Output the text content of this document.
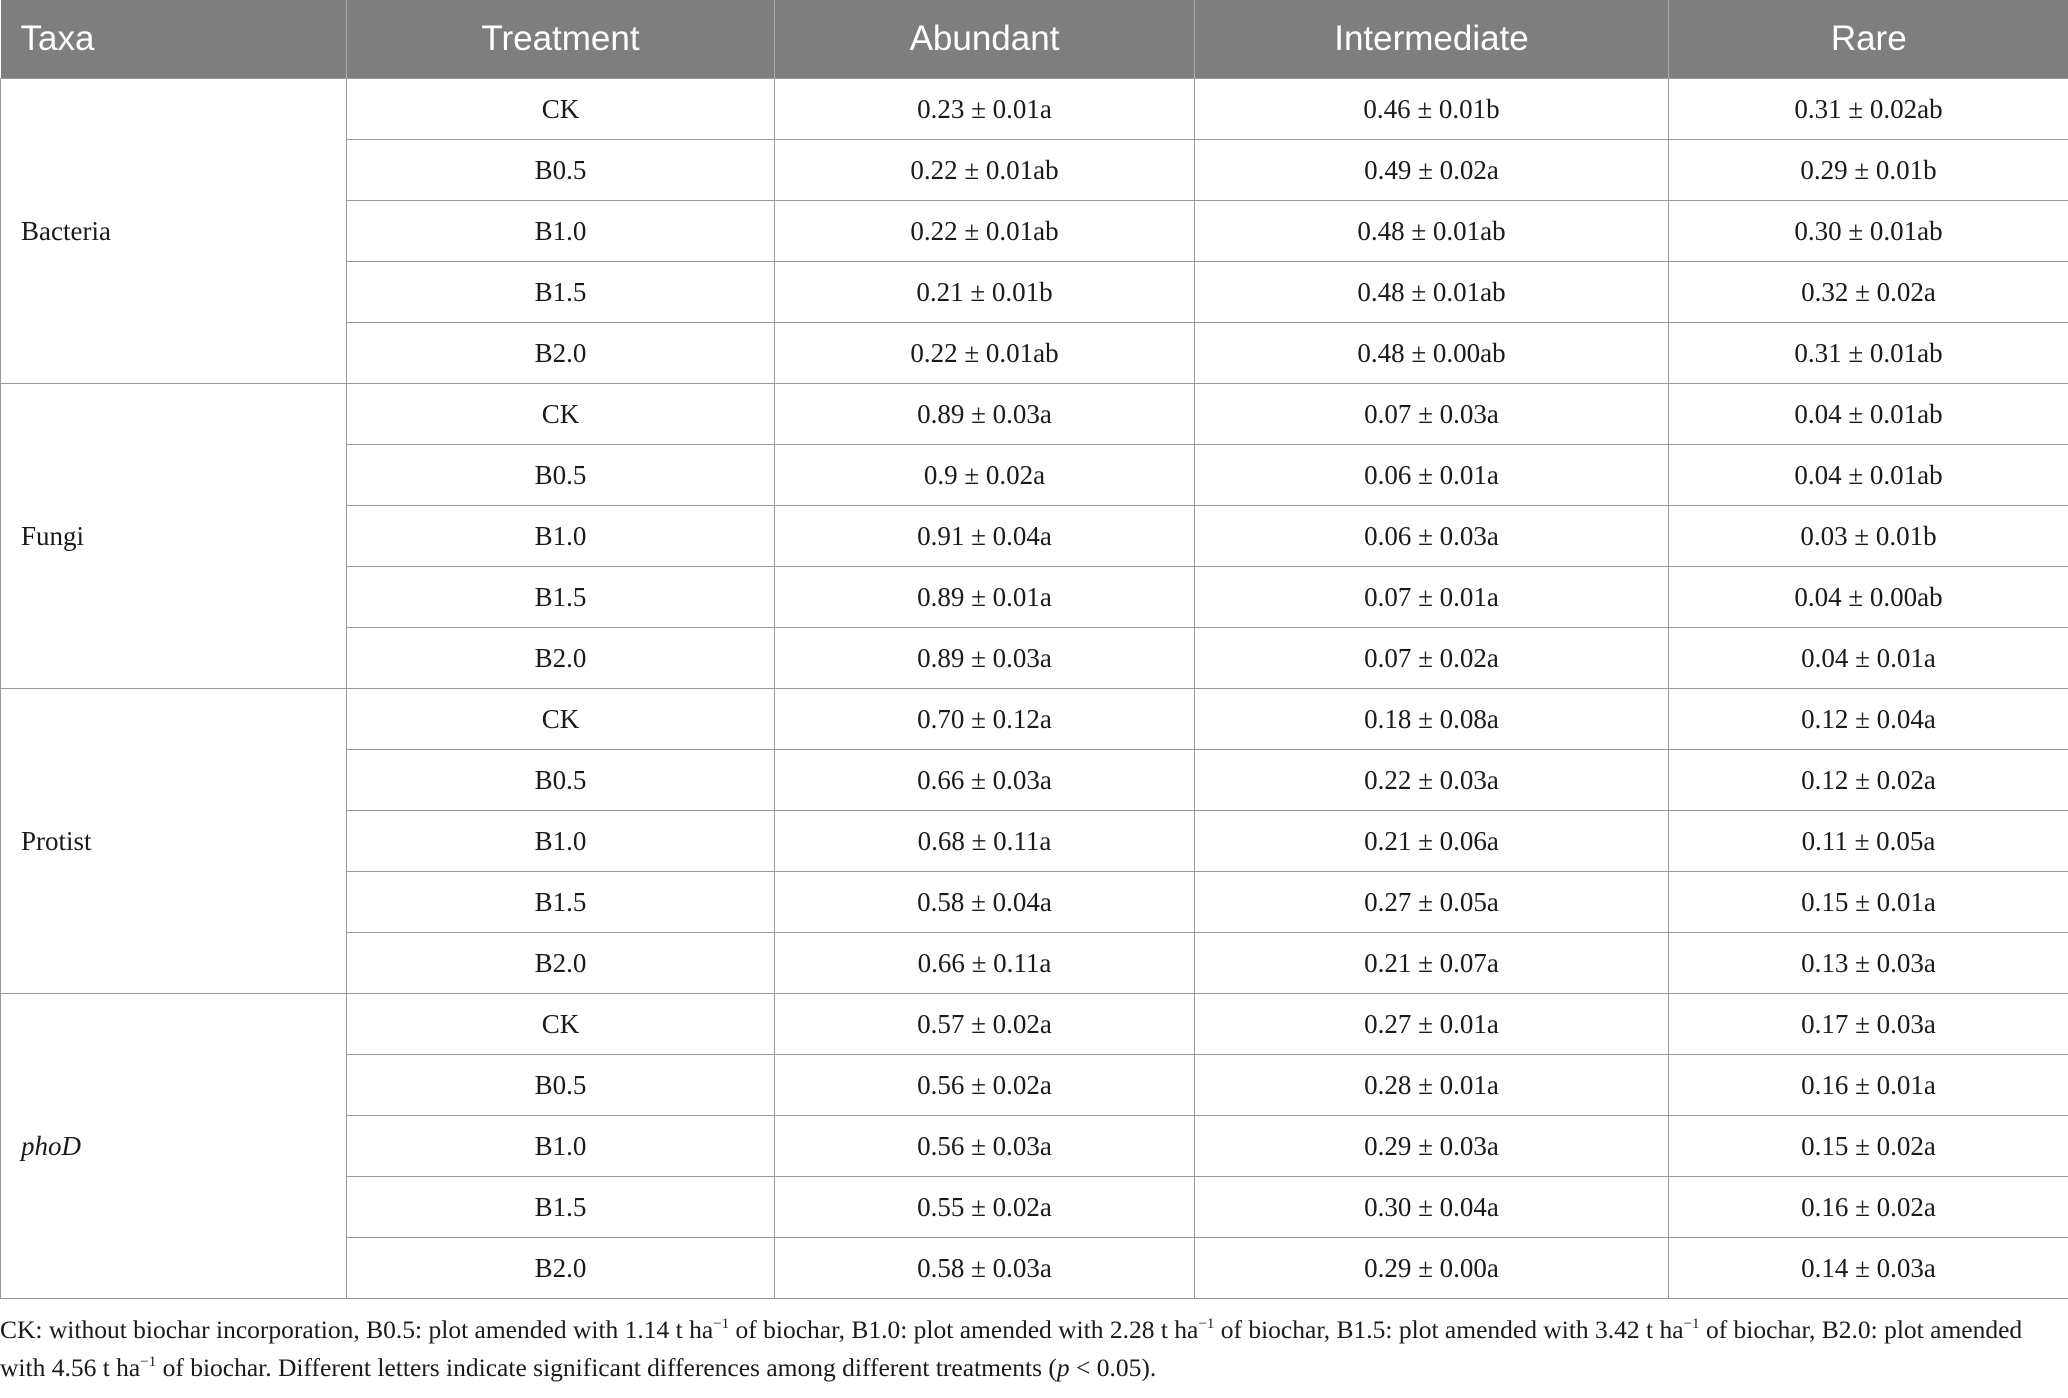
Taxa	Treatment	Abundant	Intermediate	Rare
Bacteria	CK	0.23 ± 0.01a	0.46 ± 0.01b	0.31 ± 0.02ab
	B0.5	0.22 ± 0.01ab	0.49 ± 0.02a	0.29 ± 0.01b
	B1.0	0.22 ± 0.01ab	0.48 ± 0.01ab	0.30 ± 0.01ab
	B1.5	0.21 ± 0.01b	0.48 ± 0.01ab	0.32 ± 0.02a
	B2.0	0.22 ± 0.01ab	0.48 ± 0.00ab	0.31 ± 0.01ab
Fungi	CK	0.89 ± 0.03a	0.07 ± 0.03a	0.04 ± 0.01ab
	B0.5	0.9 ± 0.02a	0.06 ± 0.01a	0.04 ± 0.01ab
	B1.0	0.91 ± 0.04a	0.06 ± 0.03a	0.03 ± 0.01b
	B1.5	0.89 ± 0.01a	0.07 ± 0.01a	0.04 ± 0.00ab
	B2.0	0.89 ± 0.03a	0.07 ± 0.02a	0.04 ± 0.01a
Protist	CK	0.70 ± 0.12a	0.18 ± 0.08a	0.12 ± 0.04a
	B0.5	0.66 ± 0.03a	0.22 ± 0.03a	0.12 ± 0.02a
	B1.0	0.68 ± 0.11a	0.21 ± 0.06a	0.11 ± 0.05a
	B1.5	0.58 ± 0.04a	0.27 ± 0.05a	0.15 ± 0.01a
	B2.0	0.66 ± 0.11a	0.21 ± 0.07a	0.13 ± 0.03a
phoD	CK	0.57 ± 0.02a	0.27 ± 0.01a	0.17 ± 0.03a
	B0.5	0.56 ± 0.02a	0.28 ± 0.01a	0.16 ± 0.01a
	B1.0	0.56 ± 0.03a	0.29 ± 0.03a	0.15 ± 0.02a
	B1.5	0.55 ± 0.02a	0.30 ± 0.04a	0.16 ± 0.02a
	B2.0	0.58 ± 0.03a	0.29 ± 0.00a	0.14 ± 0.03a

CK: without biochar incorporation, B0.5: plot amended with 1.14 t $ha^{-1}$ of biochar, B1.0: plot amended with 2.28 t $ha^{-1}$ of biochar, B1.5: plot amended with 3.42 t $ha^{-1}$ of biochar, B2.0: plot amended with 4.56 t $ha^{-1}$ of biochar. Different letters indicate significant differences among different treatments (p < 0.05).
